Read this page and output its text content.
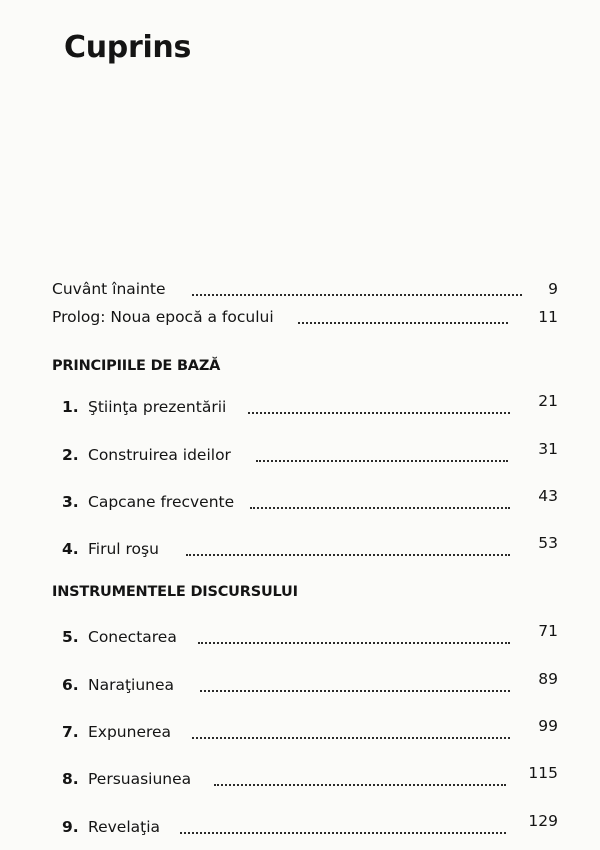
Cuprins
Cuvânt înainte	9
Prolog: Noua epocă a focului	11
PRINCIPIILE DE BAZĂ
1. Ştiinţa prezentării	21
2. Construirea ideilor	31
3. Capcane frecvente	43
4. Firul roşu	53
INSTRUMENTELE DISCURSULUI
5. Conectarea	71
6. Naraţiunea	89
7. Expunerea	99
8. Persuasiunea	115
9. Revelaţia	129
